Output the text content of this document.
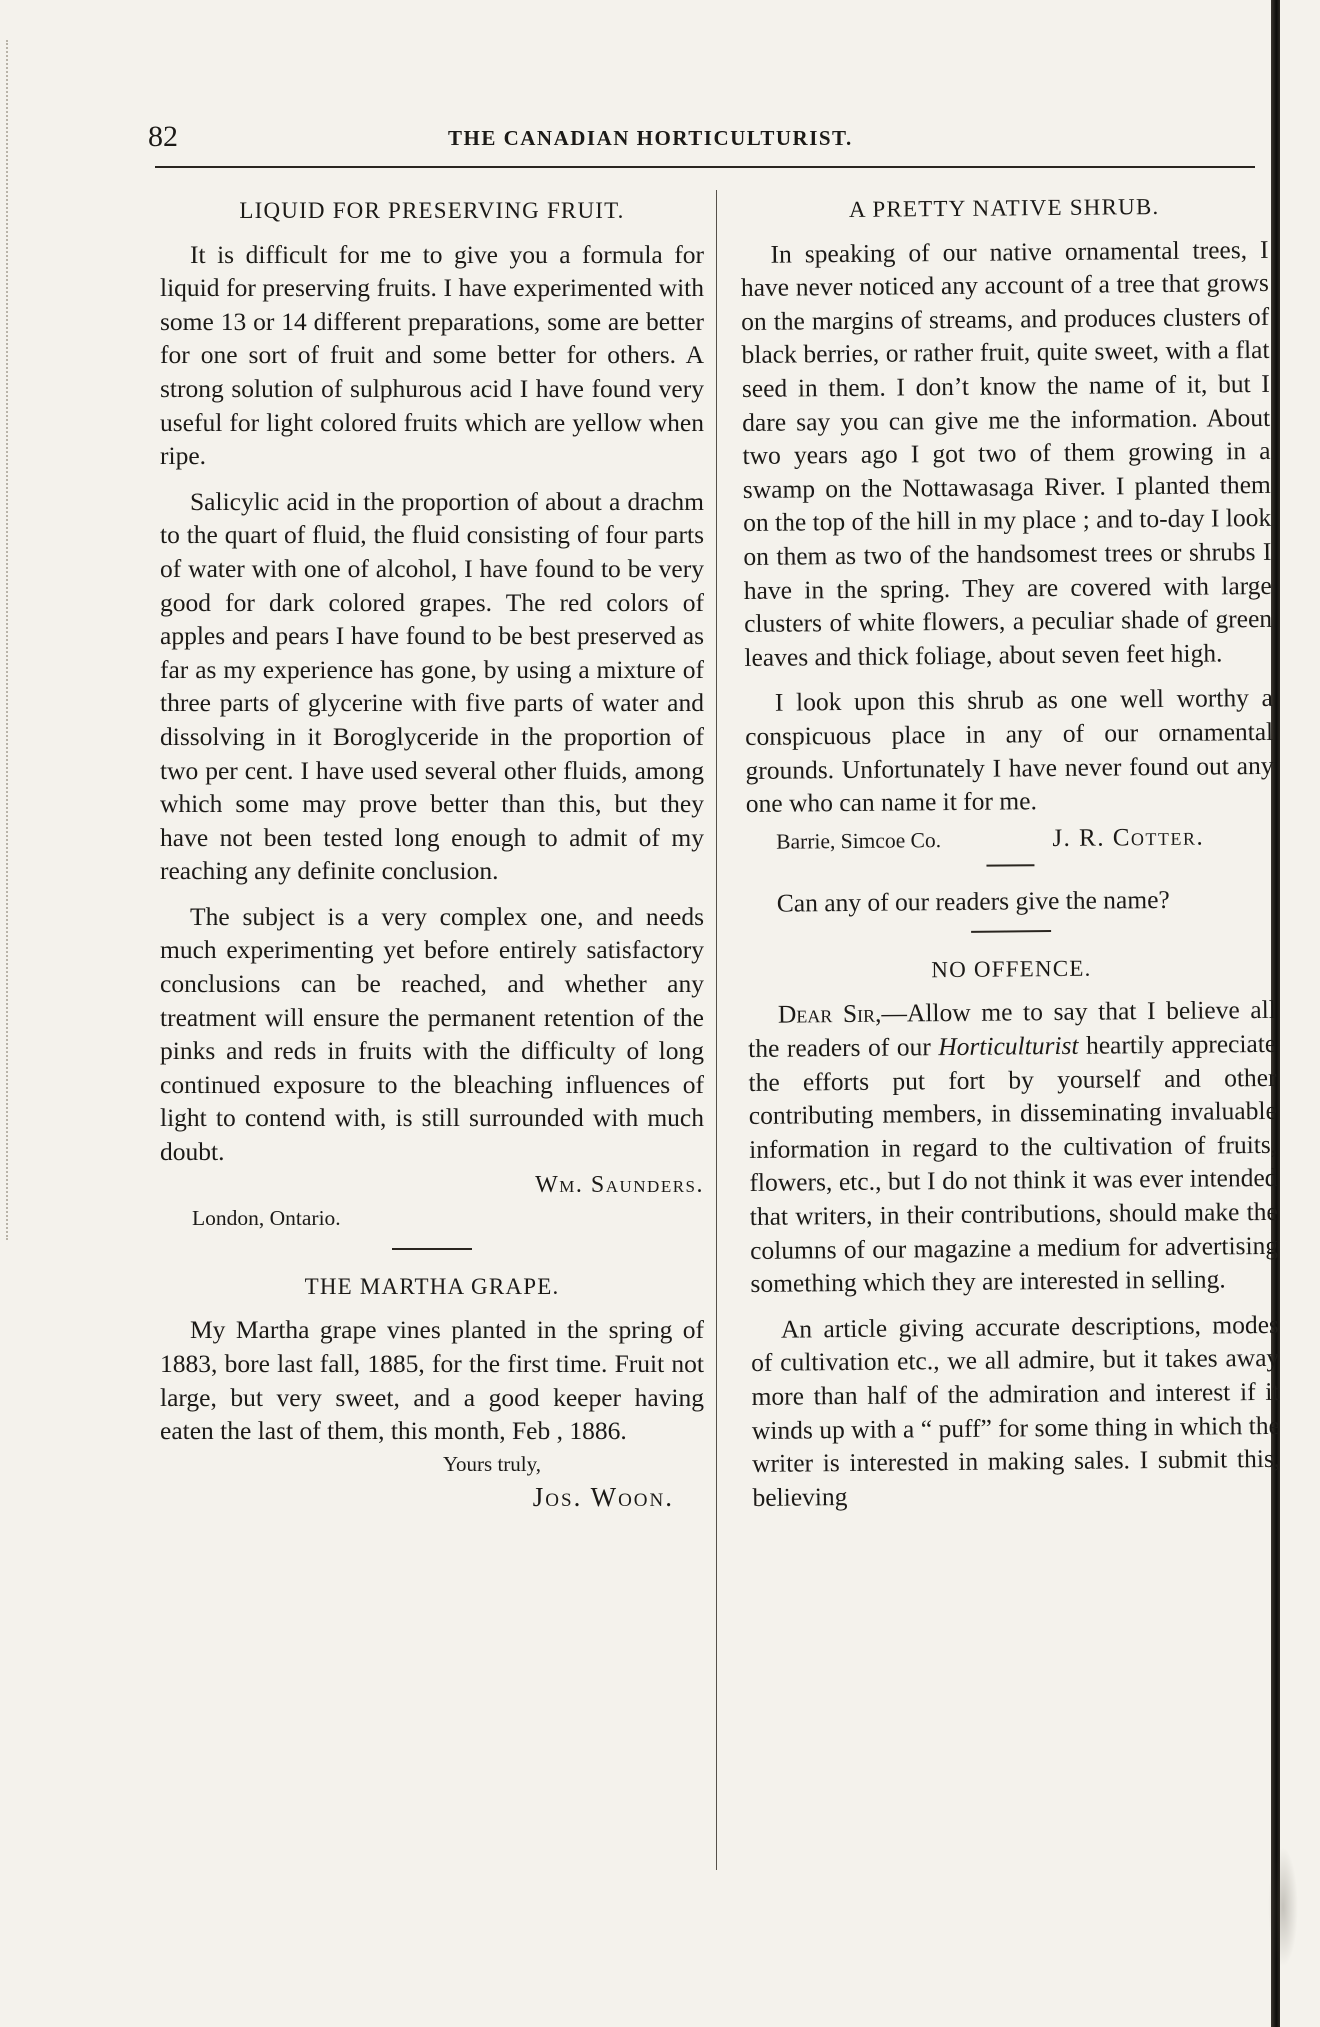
82	THE CANADIAN HORTICULTURIST.
LIQUID FOR PRESERVING FRUIT.

It is difficult for me to give you a formula for liquid for preserving fruits. I have experimented with some 13 or 14 different preparations, some are better for one sort of fruit and some better for others. A strong solution of sulphurous acid I have found very useful for light colored fruits which are yellow when ripe.

Salicylic acid in the proportion of about a drachm to the quart of fluid, the fluid consisting of four parts of water with one of alcohol, I have found to be very good for dark colored grapes. The red colors of apples and pears I have found to be best preserved as far as my experience has gone, by using a mixture of three parts of glycerine with five parts of water and dissolving in it Boroglyceride in the proportion of two per cent. I have used several other fluids, among which some may prove better than this, but they have not been tested long enough to admit of my reaching any definite conclusion.

The subject is a very complex one, and needs much experimenting yet before entirely satisfactory conclusions can be reached, and whether any treatment will ensure the permanent retention of the pinks and reds in fruits with the difficulty of long continued exposure to the bleaching influences of light to contend with, is still surrounded with much doubt.

Wm. Saunders.
London, Ontario.
THE MARTHA GRAPE.

My Martha grape vines planted in the spring of 1883, bore last fall, 1885, for the first time. Fruit not large, but very sweet, and a good keeper having eaten the last of them, this month, Feb , 1886.

Yours truly,
Jos. Woon.
A PRETTY NATIVE SHRUB.

In speaking of our native ornamental trees, I have never noticed any account of a tree that grows on the margins of streams, and produces clusters of black berries, or rather fruit, quite sweet, with a flat seed in them. I don’t know the name of it, but I dare say you can give me the information. About two years ago I got two of them growing in a swamp on the Nottawasaga River. I planted them on the top of the hill in my place ; and to-day I look on them as two of the handsomest trees or shrubs I have in the spring. They are covered with large clusters of white flowers, a peculiar shade of green leaves and thick foliage, about seven feet high.

I look upon this shrub as one well worthy a conspicuous place in any of our ornamental grounds. Unfortunately I have never found out any one who can name it for me.

Barrie, Simcoe Co.	J. R. Cotter.

Can any of our readers give the name?

NO OFFENCE.

Dear Sir,—Allow me to say that I believe all the readers of our Horticulturist heartily appreciate the efforts put fort by yourself and other contributing members, in disseminating invaluable information in regard to the cultivation of fruits, flowers, etc., but I do not think it was ever intended that writers, in their contributions, should make the columns of our magazine a medium for advertising something which they are interested in selling.

An article giving accurate descriptions, modes of cultivation etc., we all admire, but it takes away more than half of the admiration and interest if it winds up with a “ puff” for some thing in which the writer is interested in making sales. I submit this, believing
